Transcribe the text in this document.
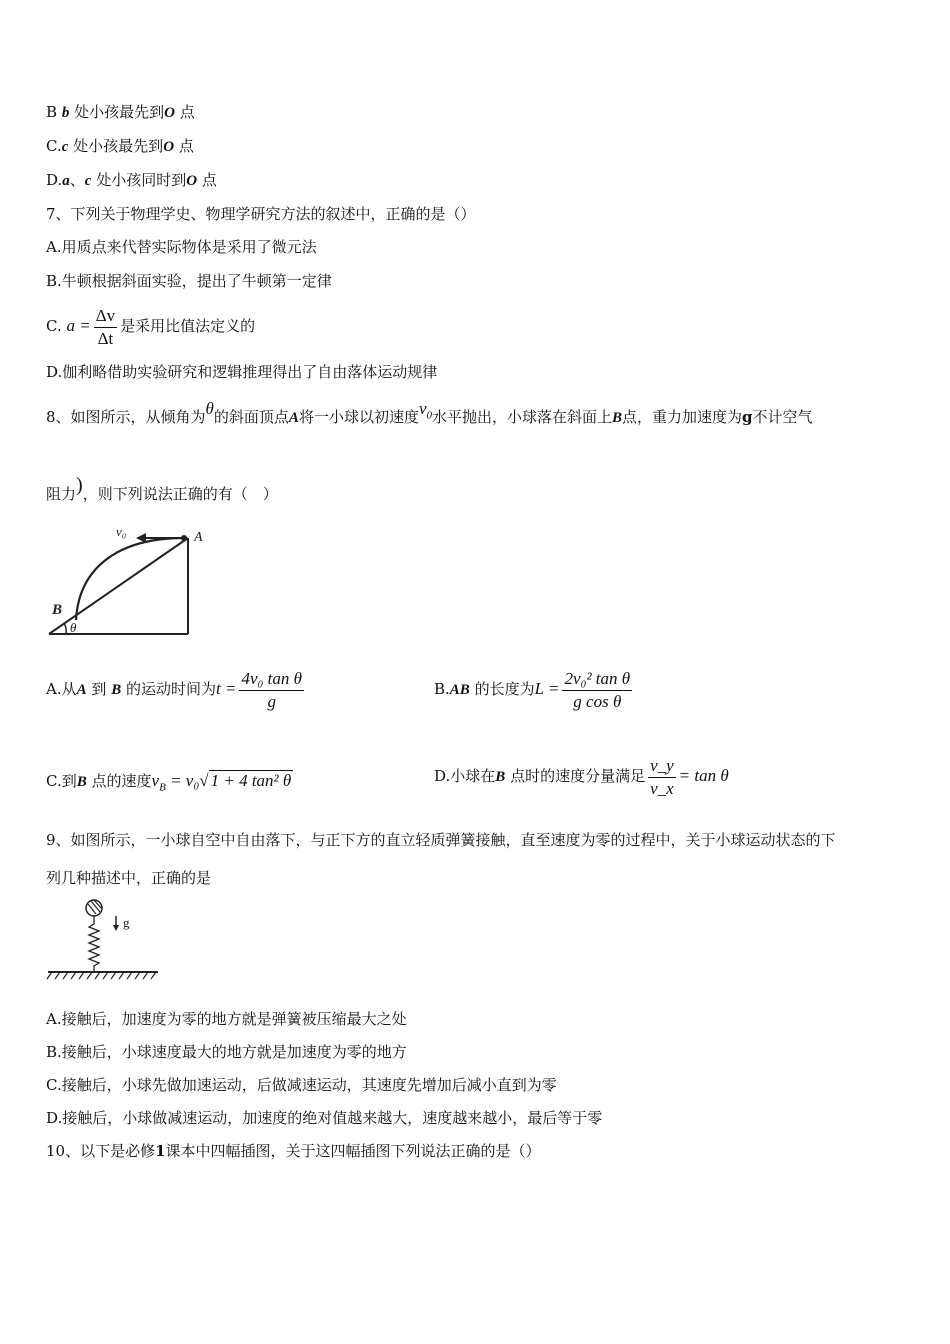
B b 处小孩最先到O 点
C.c 处小孩最先到O 点
D.a、c 处小孩同时到O 点
7、下列关于物理学史、物理学研究方法的叙述中，正确的是（）
A.用质点来代替实际物体是采用了微元法
B.牛顿根据斜面实验，提出了牛顿第一定律
C. $a = \frac{\Delta v}{\Delta t}$ 是采用比值法定义的
D.伽利略借助实验研究和逻辑推理得出了自由落体运动规律
8、如图所示，从倾角为θ的斜面顶点A将一小球以初速度$v_0$水平抛出，小球落在斜面上B点，重力加速度为g不计空气
阻力)，则下列说法正确的有（　）
v₀	A
B
θ
A.从A 到 B 的运动时间为$t = \frac{\text{4v₀ tan θ}}{g}$	B.AB 的长度为$L = \frac{\text{2v₀² tan θ}}{\text{g cos θ}}$
C.到B 点的速度$v_B = v_0√$ 1 + 4 tan² θ	D.小球在B 点时的速度分量满足 $\frac{v\_y}{v\_x} = \tan \theta$
9、如图所示，一小球自空中自由落下，与正下方的直立轻质弹簧接触，直至速度为零的过程中，关于小球运动状态的下
列几种描述中，正确的是
g
A.接触后，加速度为零的地方就是弹簧被压缩最大之处
B.接触后，小球速度最大的地方就是加速度为零的地方
C.接触后，小球先做加速运动，后做减速运动，其速度先增加后减小直到为零
D.接触后，小球做减速运动，加速度的绝对值越来越大，速度越来越小，最后等于零
10、以下是必修1课本中四幅插图，关于这四幅插图下列说法正确的是（）
